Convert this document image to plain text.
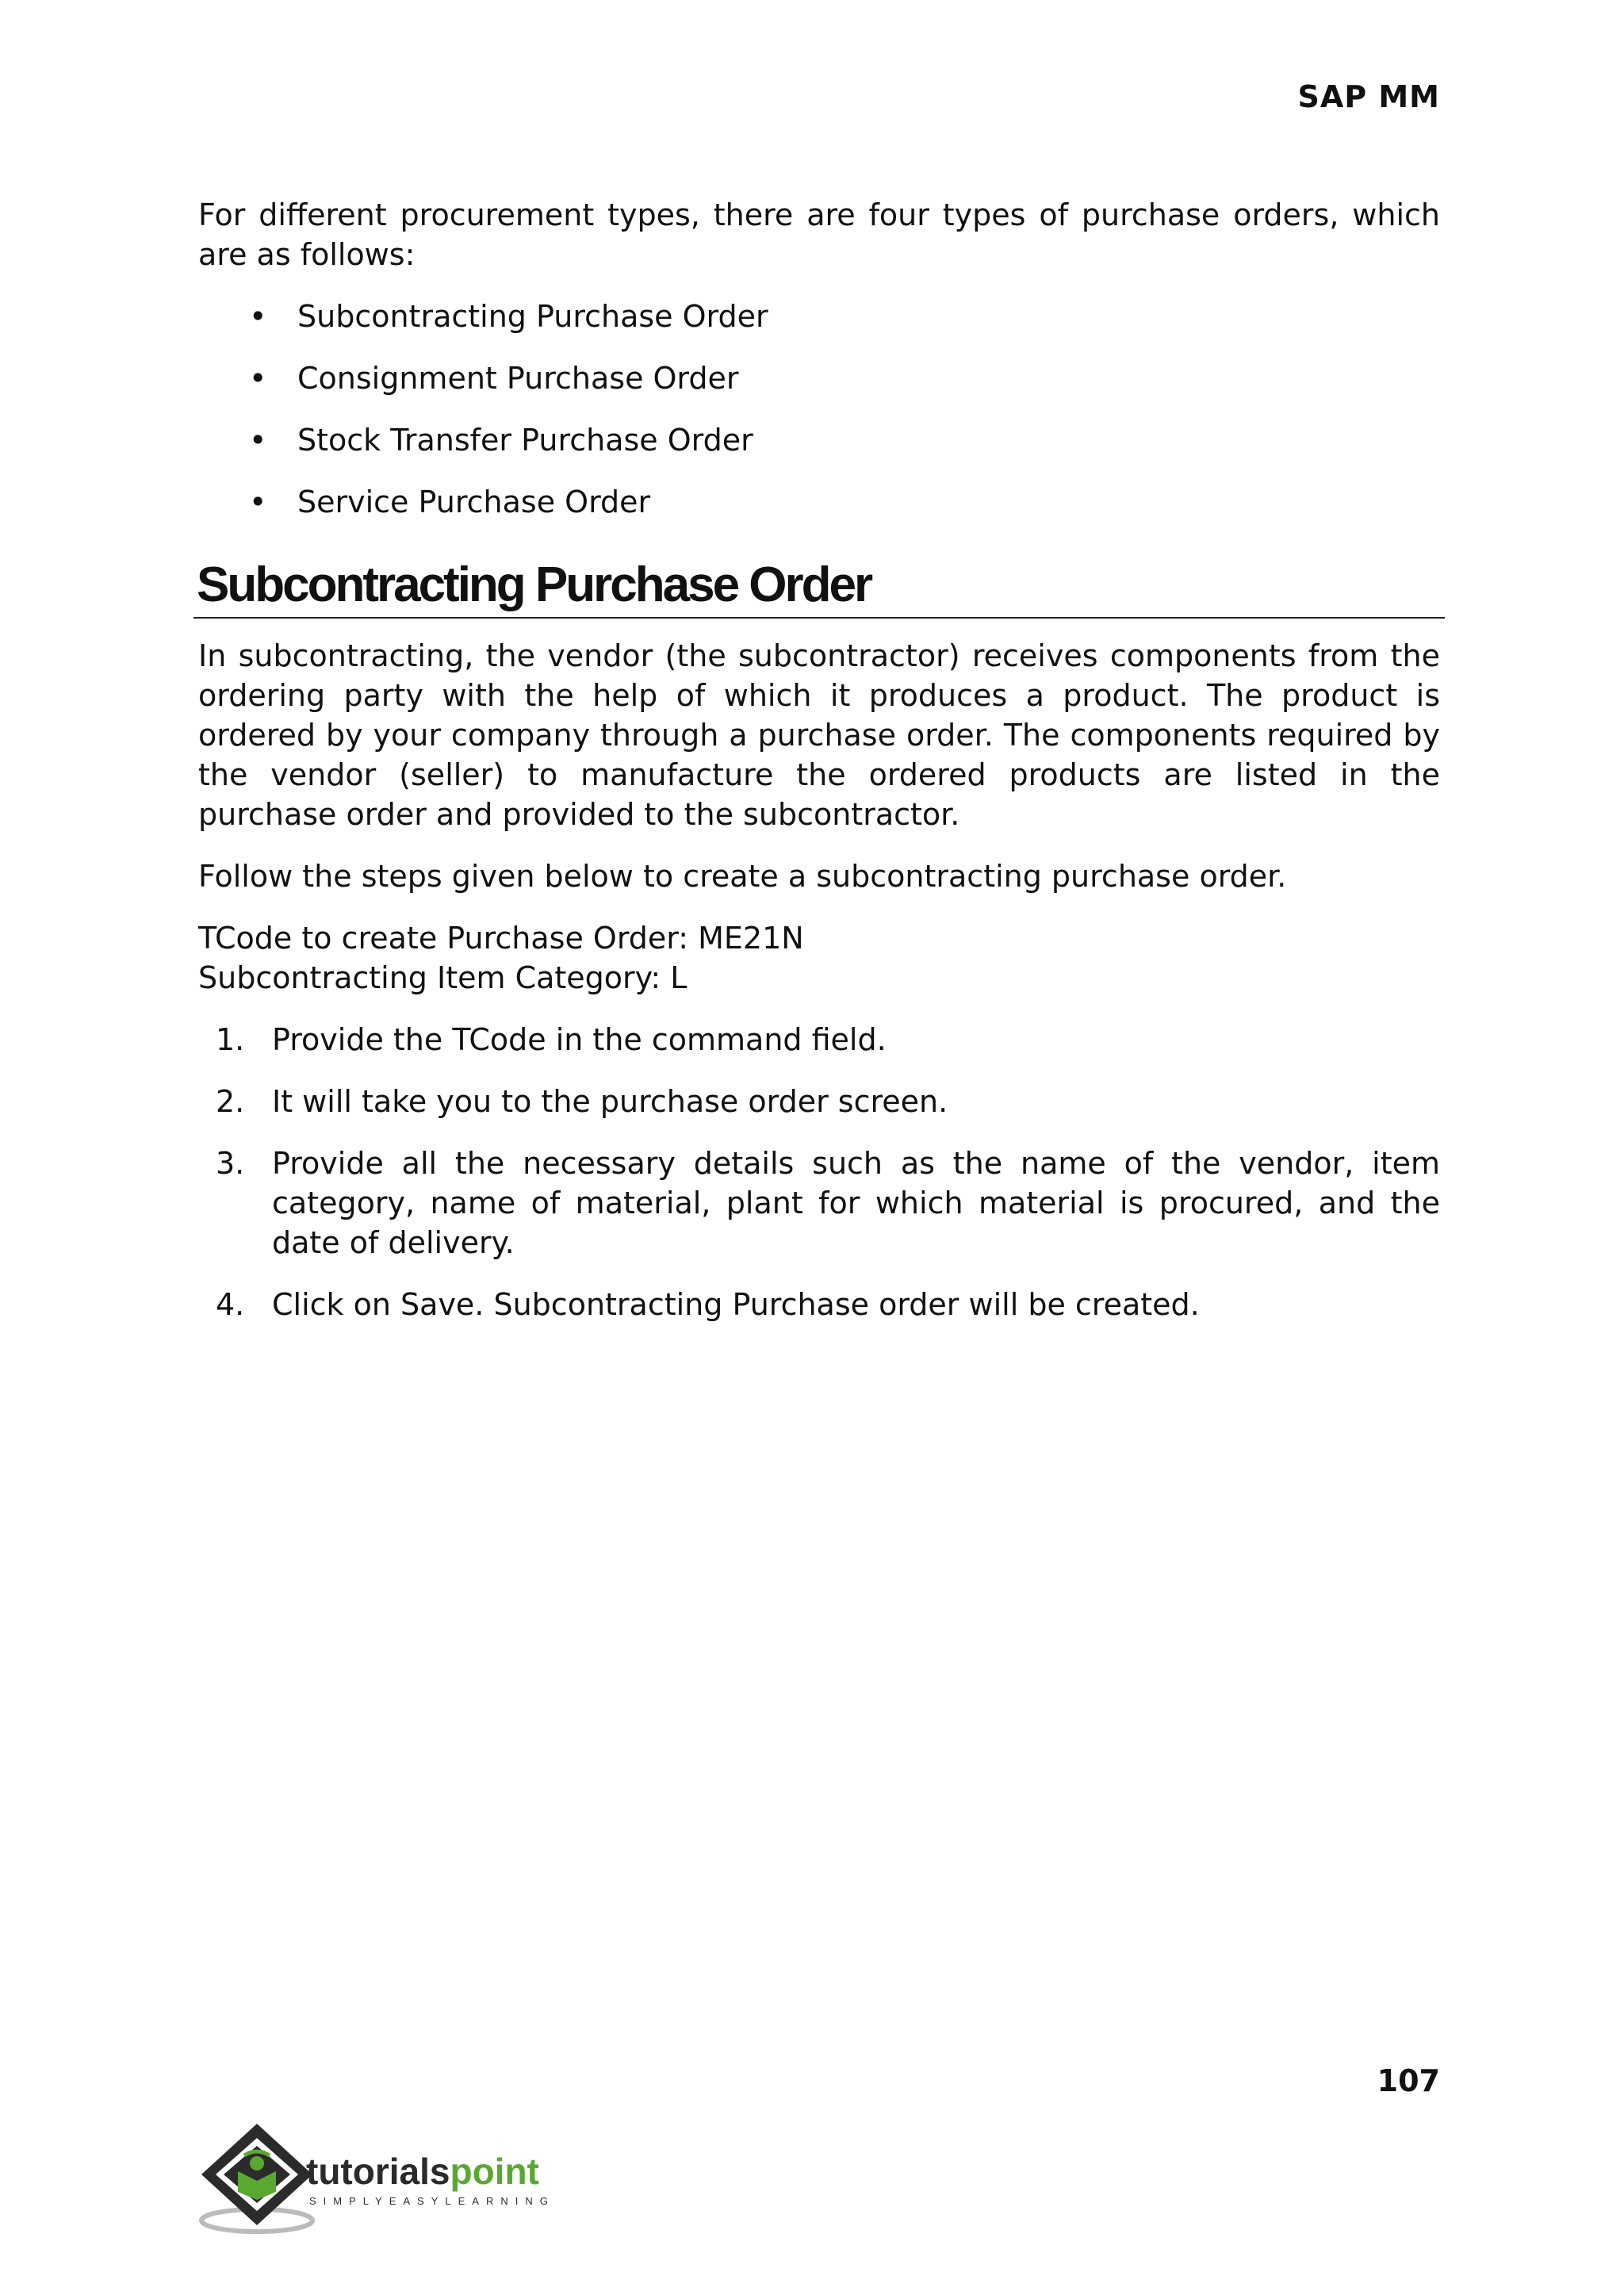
SAP MM

For different procurement types, there are four types of purchase orders, which are as follows:

• Subcontracting Purchase Order
• Consignment Purchase Order
• Stock Transfer Purchase Order
• Service Purchase Order
Subcontracting Purchase Order

In subcontracting, the vendor (the subcontractor) receives components from the ordering party with the help of which it produces a product. The product is ordered by your company through a purchase order. The components required by the vendor (seller) to manufacture the ordered products are listed in the purchase order and provided to the subcontractor.

Follow the steps given below to create a subcontracting purchase order.

TCode to create Purchase Order: ME21N
Subcontracting Item Category: L
1. Provide the TCode in the command field.
2. It will take you to the purchase order screen.
3. Provide all the necessary details such as the name of the vendor, item category, name of material, plant for which material is procured, and the date of delivery.
4. Click on Save. Subcontracting Purchase order will be created.
107
tutorialspoint
SIMPLYEASYLEARNING
